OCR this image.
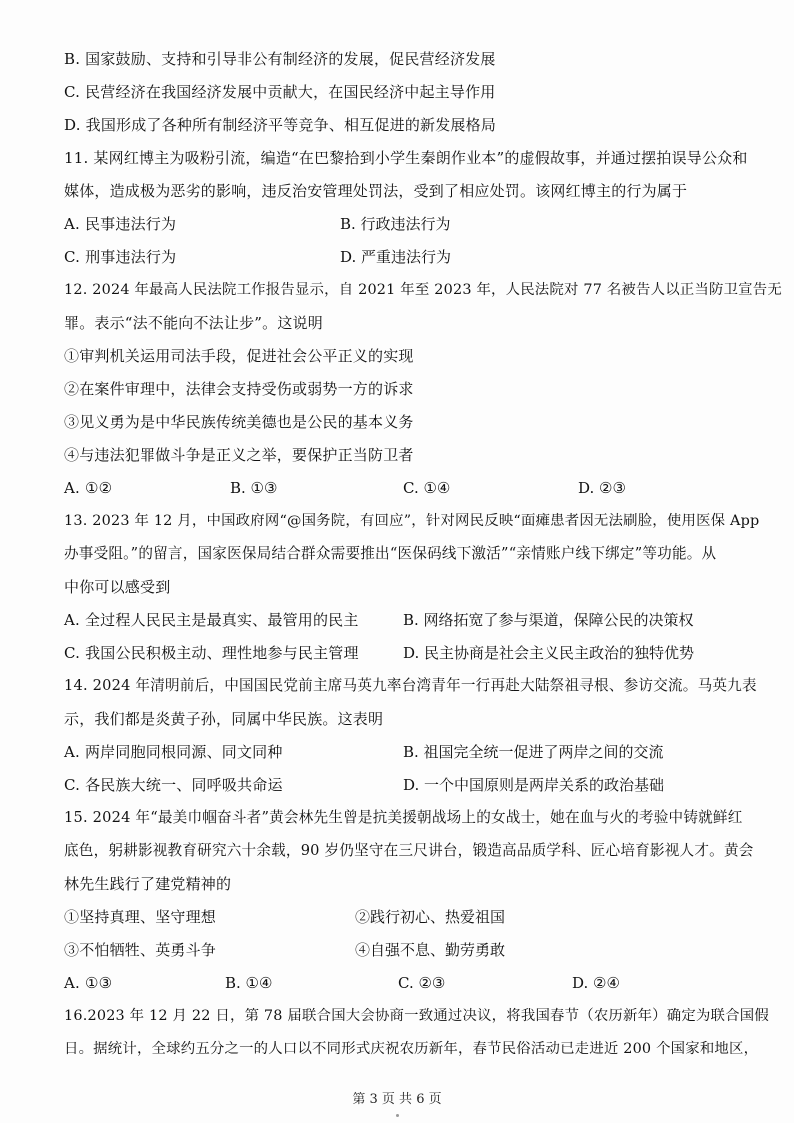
B. 国家鼓励、支持和引导非公有制经济的发展，促民营经济发展
C. 民营经济在我国经济发展中贡献大，在国民经济中起主导作用
D. 我国形成了各种所有制经济平等竞争、相互促进的新发展格局
11. 某网红博主为吸粉引流，编造“在巴黎拾到小学生秦朗作业本”的虚假故事，并通过摆拍误导公众和
媒体，造成极为恶劣的影响，违反治安管理处罚法，受到了相应处罚。该网红博主的行为属于
A. 民事违法行为	B. 行政违法行为
C. 刑事违法行为	D. 严重违法行为
12. 2024 年最高人民法院工作报告显示，自 2021 年至 2023 年，人民法院对 77 名被告人以正当防卫宣告无
罪。表示“法不能向不法让步”。这说明
①审判机关运用司法手段，促进社会公平正义的实现
②在案件审理中，法律会支持受伤或弱势一方的诉求
③见义勇为是中华民族传统美德也是公民的基本义务
④与违法犯罪做斗争是正义之举，要保护正当防卫者
A. ①②	B. ①③	C. ①④	D. ②③
13. 2023 年 12 月，中国政府网“@国务院，有回应”，针对网民反映“面瘫患者因无法刷脸，使用医保 App
办事受阻。”的留言，国家医保局结合群众需要推出“医保码线下激活”“亲情账户线下绑定”等功能。从
中你可以感受到
A. 全过程人民民主是最真实、最管用的民主	B. 网络拓宽了参与渠道，保障公民的决策权
C. 我国公民积极主动、理性地参与民主管理	D. 民主协商是社会主义民主政治的独特优势
14. 2024 年清明前后，中国国民党前主席马英九率台湾青年一行再赴大陆祭祖寻根、参访交流。马英九表
示，我们都是炎黄子孙，同属中华民族。这表明
A. 两岸同胞同根同源、同文同种	B. 祖国完全统一促进了两岸之间的交流
C. 各民族大统一、同呼吸共命运	D. 一个中国原则是两岸关系的政治基础
15. 2024 年“最美巾帼奋斗者”黄会林先生曾是抗美援朝战场上的女战士，她在血与火的考验中铸就鲜红
底色，躬耕影视教育研究六十余载，90 岁仍坚守在三尺讲台，锻造高品质学科、匠心培育影视人才。黄会
林先生践行了建党精神的
①坚持真理、坚守理想	②践行初心、热爱祖国
③不怕牺牲、英勇斗争	④自强不息、勤劳勇敢
A. ①③	B. ①④	C. ②③	D. ②④
16.2023 年 12 月 22 日，第 78 届联合国大会协商一致通过决议，将我国春节（农历新年）确定为联合国假
日。据统计，全球约五分之一的人口以不同形式庆祝农历新年，春节民俗活动已走进近 200 个国家和地区，
第 3 页 共 6 页
